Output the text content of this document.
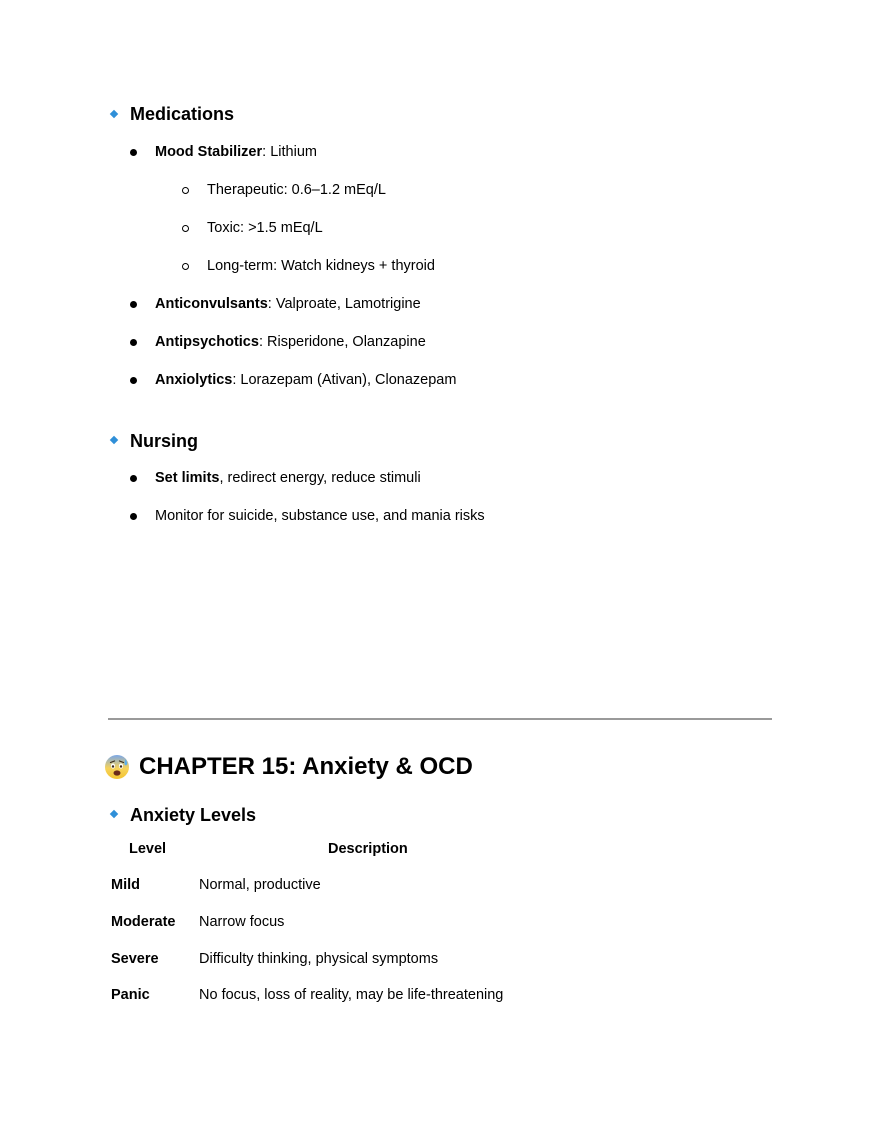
Medications
Mood Stabilizer: Lithium
Therapeutic: 0.6–1.2 mEq/L
Toxic: >1.5 mEq/L
Long-term: Watch kidneys + thyroid
Anticonvulsants: Valproate, Lamotrigine
Antipsychotics: Risperidone, Olanzapine
Anxiolytics: Lorazepam (Ativan), Clonazepam
Nursing
Set limits, redirect energy, reduce stimuli
Monitor for suicide, substance use, and mania risks
CHAPTER 15: Anxiety & OCD
Anxiety Levels
Level	Description
Mild	Normal, productive
Moderate Narrow focus
Severe	Difficulty thinking, physical symptoms
Panic	No focus, loss of reality, may be life-threatening
